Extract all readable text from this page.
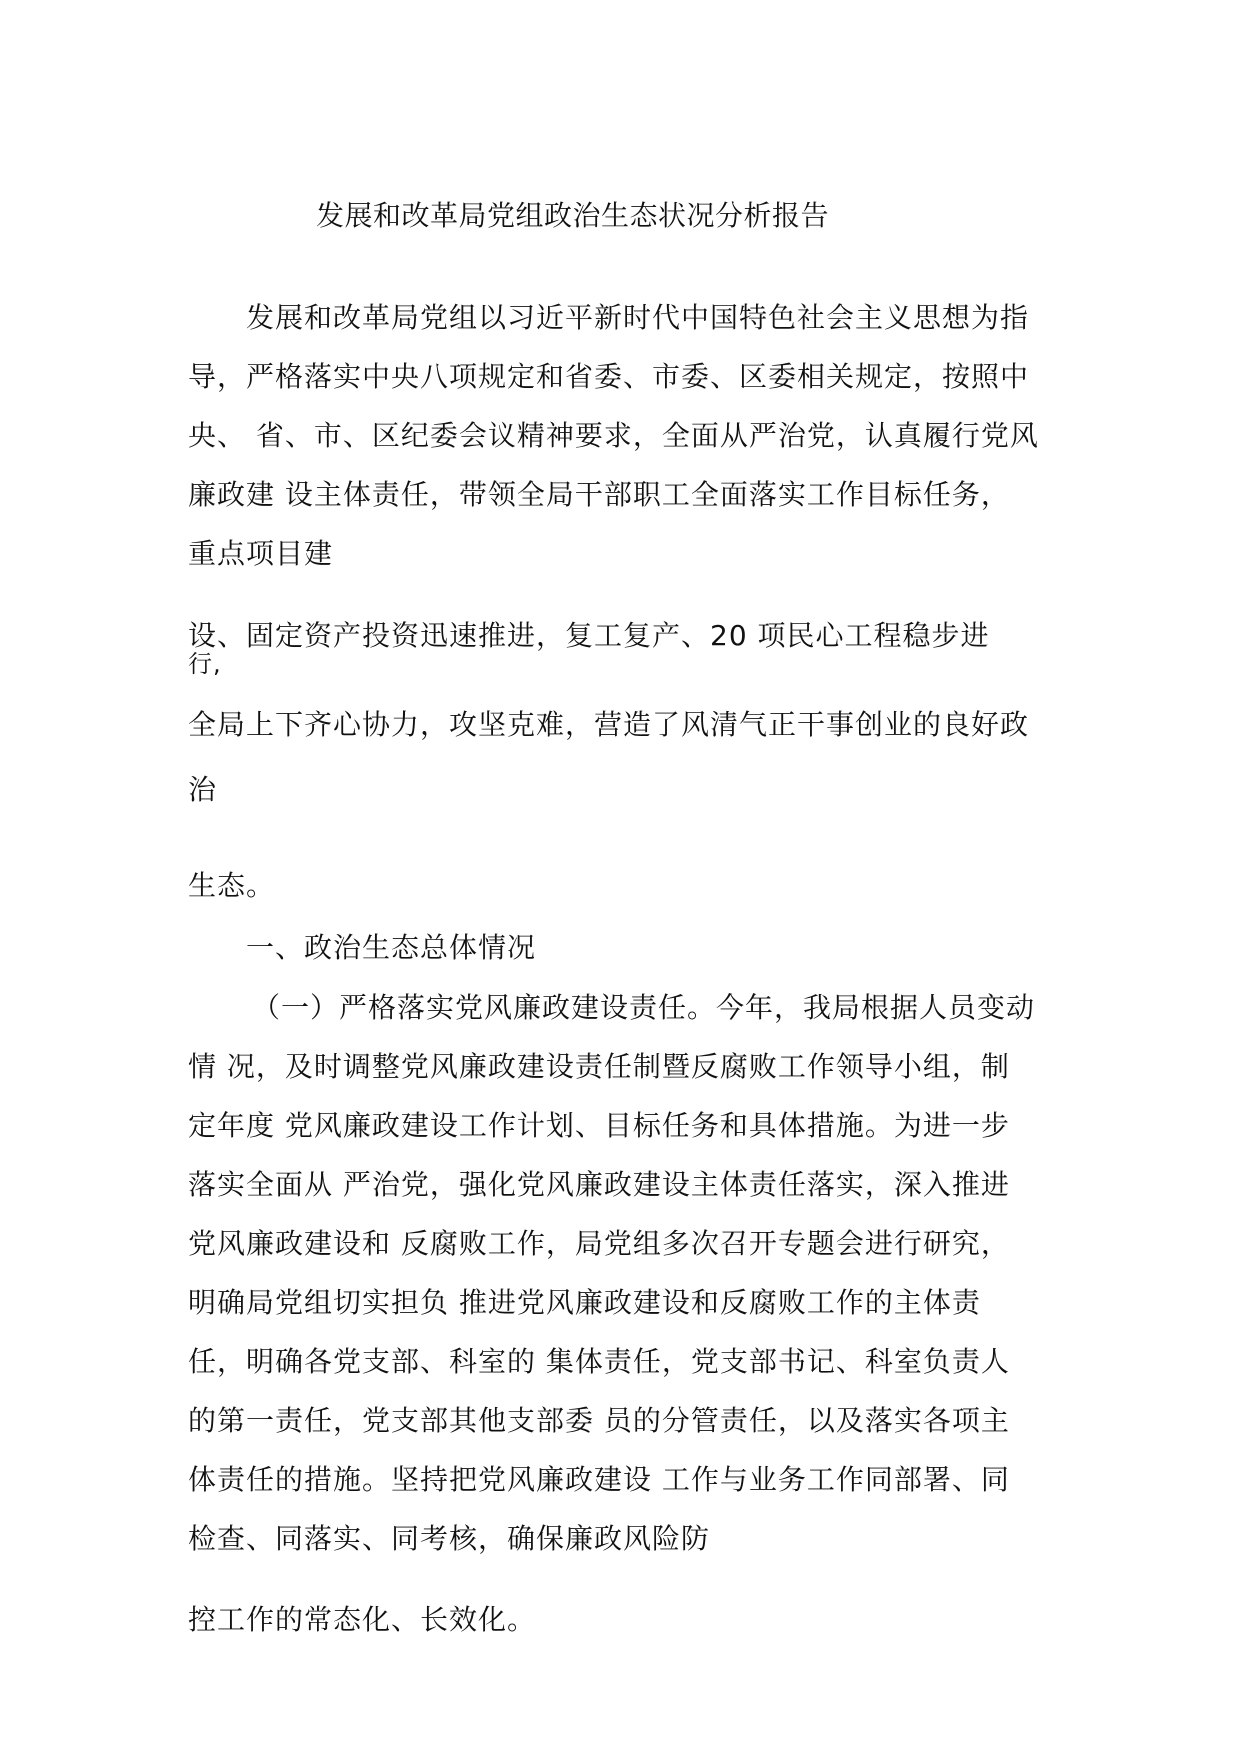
发展和改革局党组政治生态状况分析报告
发展和改革局党组以习近平新时代中国特色社会主义思想为指
导，严格落实中央八项规定和省委、市委、区委相关规定，按照中
央、 省、市、区纪委会议精神要求，全面从严治党，认真履行党风
廉政建 设主体责任，带领全局干部职工全面落实工作目标任务，
重点项目建
设、固定资产投资迅速推进，复工复产、20 项民心工程稳步进
行,
全局上下齐心协力，攻坚克难，营造了风清气正干事创业的良好政
治
生态。
一、政治生态总体情况
（一）严格落实党风廉政建设责任。今年，我局根据人员变动
情 况，及时调整党风廉政建设责任制暨反腐败工作领导小组，制
定年度 党风廉政建设工作计划、目标任务和具体措施。为进一步
落实全面从 严治党，强化党风廉政建设主体责任落实，深入推进
党风廉政建设和 反腐败工作，局党组多次召开专题会进行研究，
明确局党组切实担负 推进党风廉政建设和反腐败工作的主体责
任，明确各党支部、科室的 集体责任，党支部书记、科室负责人
的第一责任，党支部其他支部委 员的分管责任，以及落实各项主
体责任的措施。坚持把党风廉政建设 工作与业务工作同部署、同
检查、同落实、同考核，确保廉政风险防
控工作的常态化、长效化。
